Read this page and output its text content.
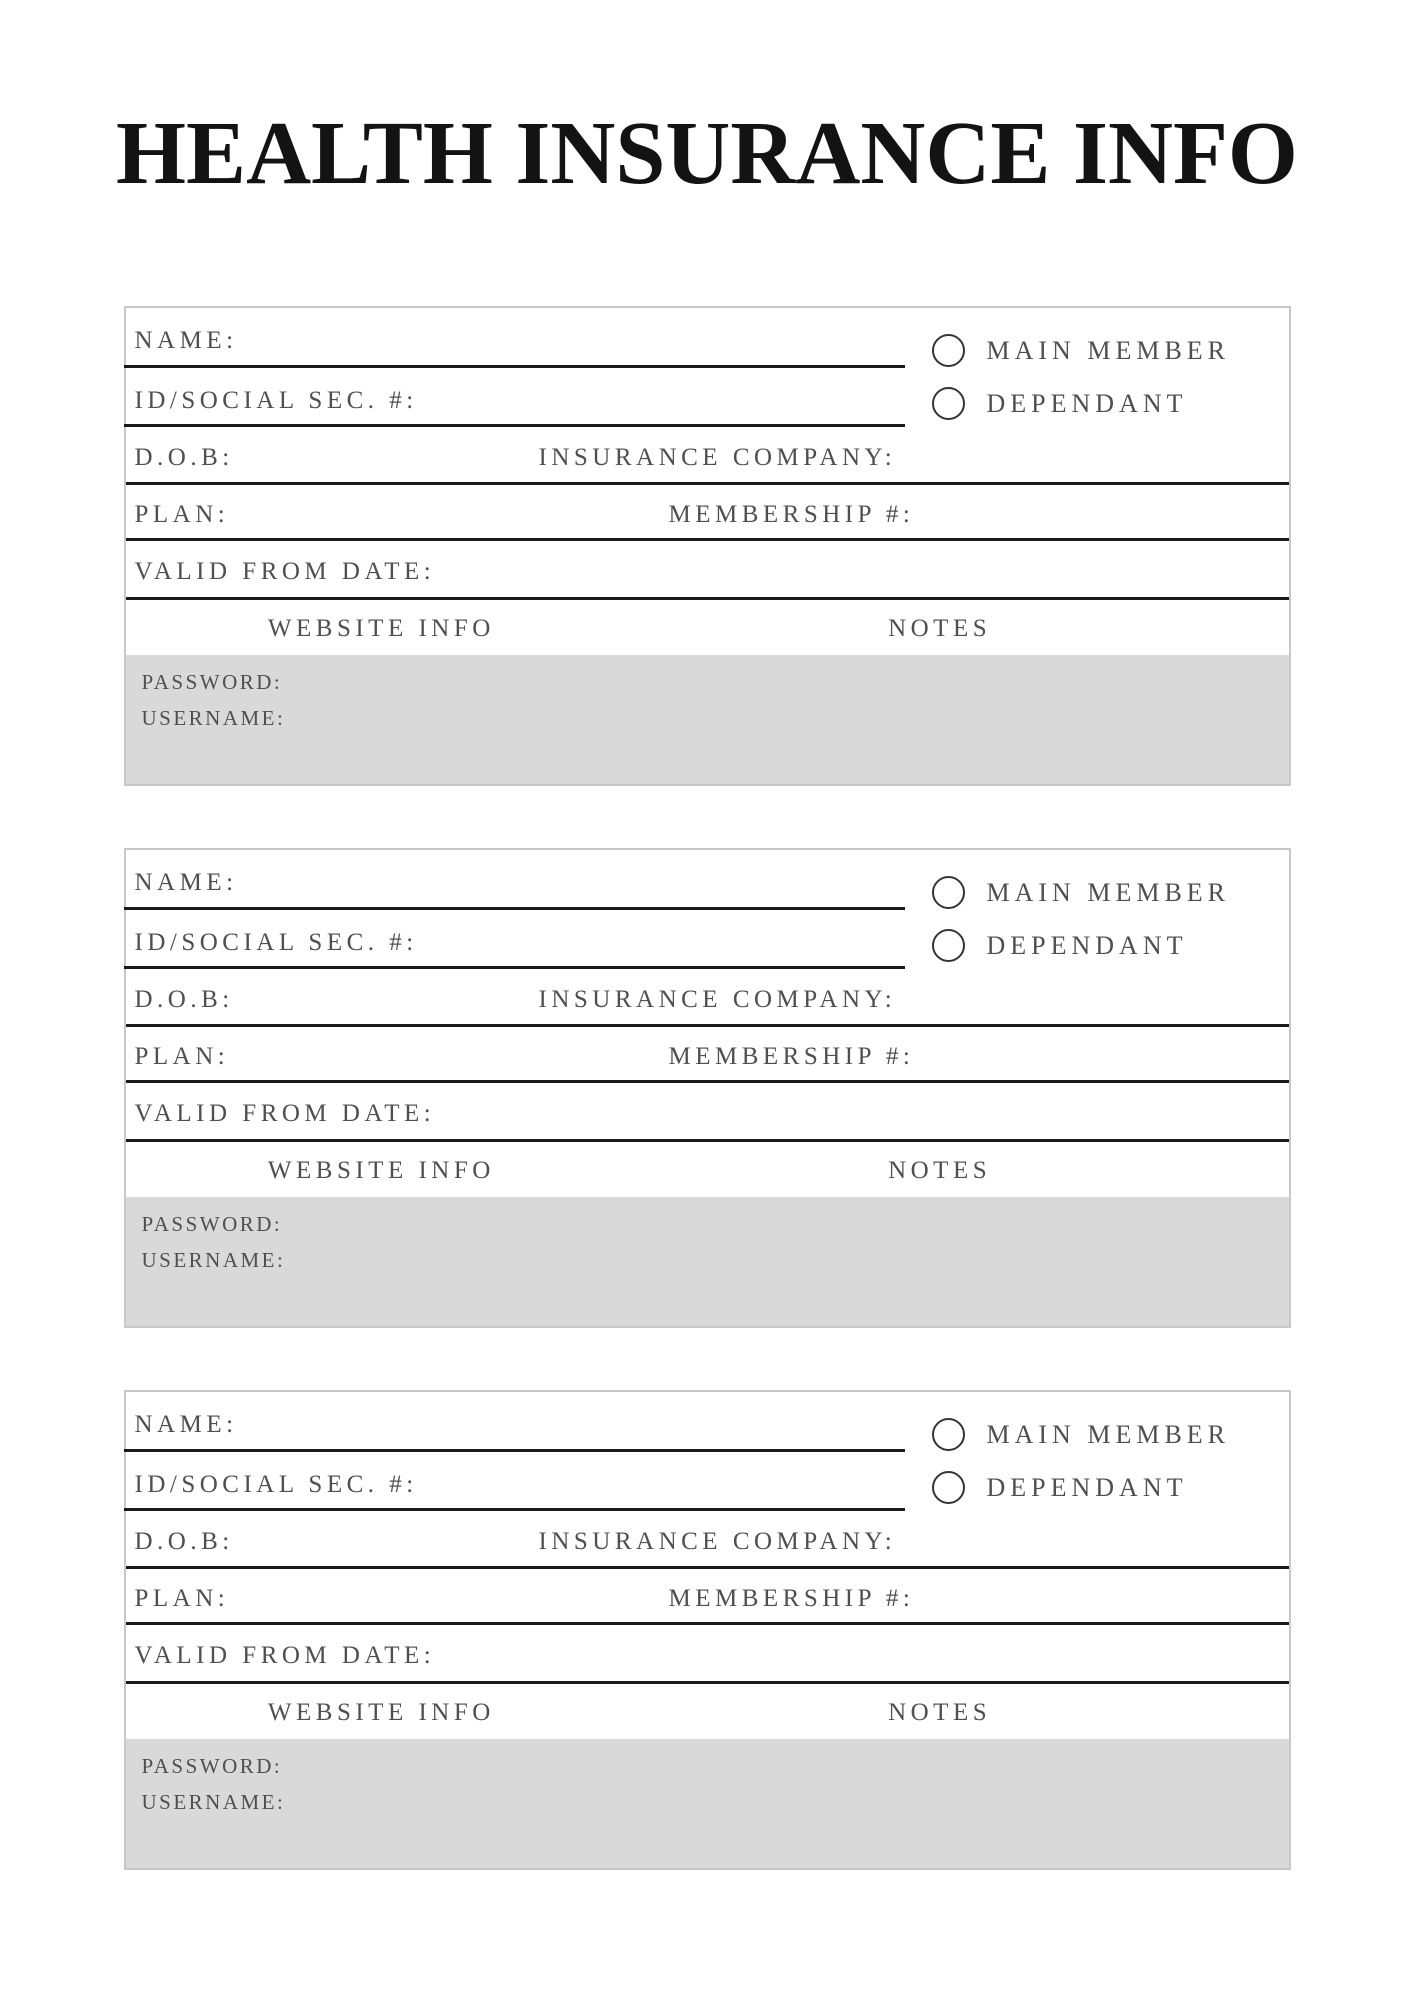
HEALTH INSURANCE INFO
NAME:
ID/SOCIAL SEC. #:
D.O.B:	INSURANCE COMPANY:
PLAN:	MEMBERSHIP #:
VALID FROM DATE:
WEBSITE INFO	NOTES
PASSWORD:
USERNAME:
MAIN MEMBER
DEPENDANT
NAME:
ID/SOCIAL SEC. #:
D.O.B:	INSURANCE COMPANY:
PLAN:	MEMBERSHIP #:
VALID FROM DATE:
WEBSITE INFO	NOTES
PASSWORD:
USERNAME:
MAIN MEMBER
DEPENDANT
NAME:
ID/SOCIAL SEC. #:
D.O.B:	INSURANCE COMPANY:
PLAN:	MEMBERSHIP #:
VALID FROM DATE:
WEBSITE INFO	NOTES
PASSWORD:
USERNAME:
MAIN MEMBER
DEPENDANT
